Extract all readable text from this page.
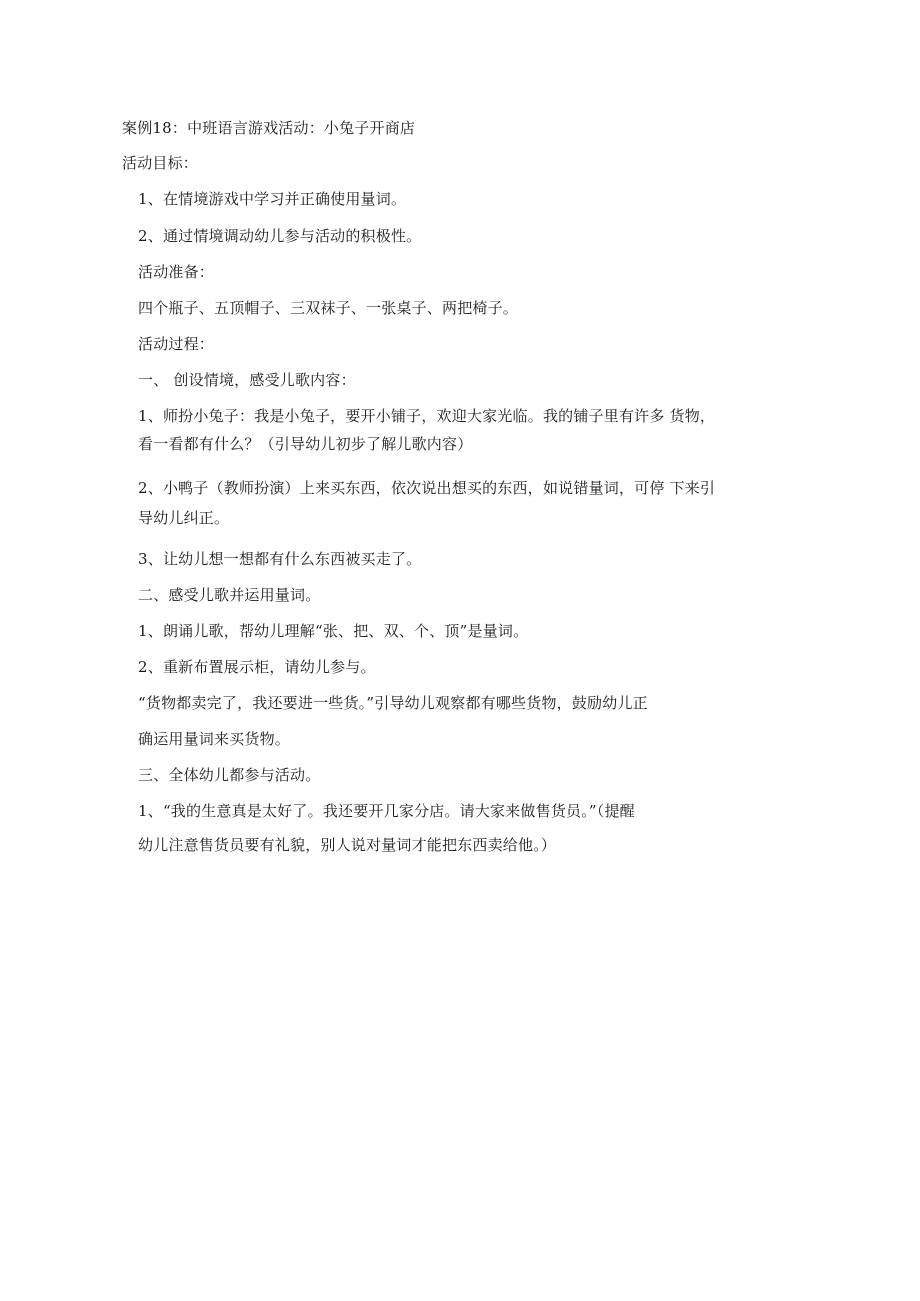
案例18：中班语言游戏活动：小兔子开商店
活动目标：
1、在情境游戏中学习并正确使用量词。
2、通过情境调动幼儿参与活动的积极性。
活动准备：
四个瓶子、五顶帽子、三双袜子、一张桌子、两把椅子。
活动过程：
一、 创设情境，感受儿歌内容：
1、师扮小兔子：我是小兔子，要开小铺子，欢迎大家光临。我的铺子里有许多 货物，
看一看都有什么？（引导幼儿初步了解儿歌内容）
2、小鸭子（教师扮演）上来买东西，依次说出想买的东西，如说错量词，可停 下来引
导幼儿纠正。
3、让幼儿想一想都有什么东西被买走了。
二、感受儿歌并运用量词。
1、朗诵儿歌，帮幼儿理解“张、把、双、个、顶”是量词。
2、重新布置展示柜，请幼儿参与。
“货物都卖完了，我还要进一些货。”引导幼儿观察都有哪些货物，鼓励幼儿正
确运用量词来买货物。
三、全体幼儿都参与活动。
1、“我的生意真是太好了。我还要开几家分店。请大家来做售货员。”（提醒
幼儿注意售货员要有礼貌，别人说对量词才能把东西卖给他。）
